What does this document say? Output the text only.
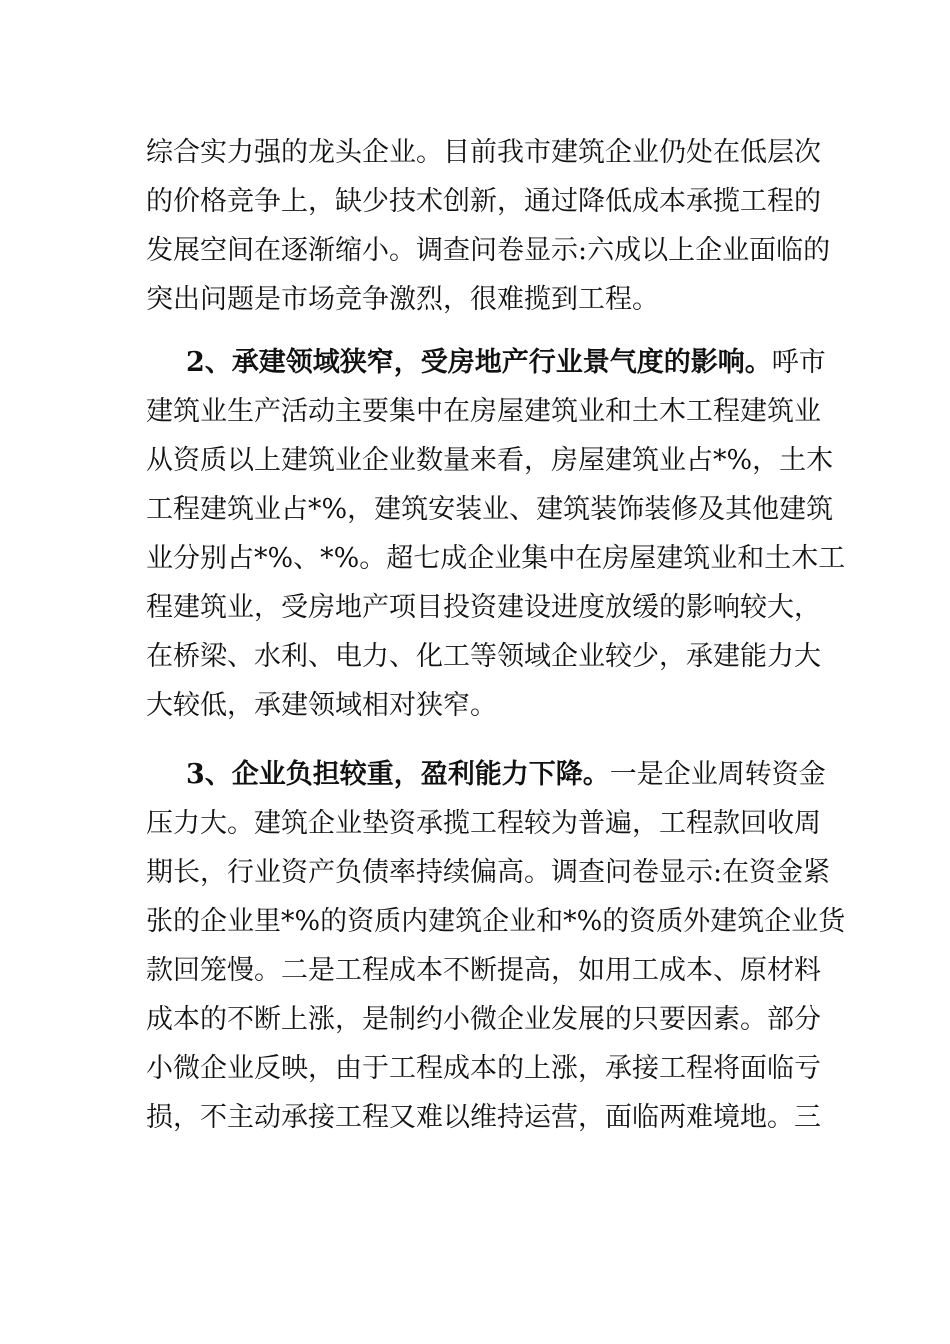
综合实力强的龙头企业。目前我市建筑企业仍处在低层次
的价格竞争上，缺少技术创新，通过降低成本承揽工程的
发展空间在逐渐缩小。调查问卷显示:六成以上企业面临的
突出问题是市场竞争激烈，很难揽到工程。
2、承建领域狭窄，受房地产行业景气度的影响。呼市
建筑业生产活动主要集中在房屋建筑业和土木工程建筑业
从资质以上建筑业企业数量来看，房屋建筑业占*%，土木
工程建筑业占*%，建筑安装业、建筑装饰装修及其他建筑
业分别占*%、*%。超七成企业集中在房屋建筑业和土木工
程建筑业，受房地产项目投资建设进度放缓的影响较大，
在桥梁、水利、电力、化工等领域企业较少，承建能力大
大较低，承建领域相对狭窄。
3、企业负担较重，盈利能力下降。一是企业周转资金
压力大。建筑企业垫资承揽工程较为普遍，工程款回收周
期长，行业资产负债率持续偏高。调查问卷显示:在资金紧
张的企业里*%的资质内建筑企业和*%的资质外建筑企业货
款回笼慢。二是工程成本不断提高，如用工成本、原材料
成本的不断上涨，是制约小微企业发展的只要因素。部分
小微企业反映，由于工程成本的上涨，承接工程将面临亏
损，不主动承接工程又难以维持运营，面临两难境地。三
